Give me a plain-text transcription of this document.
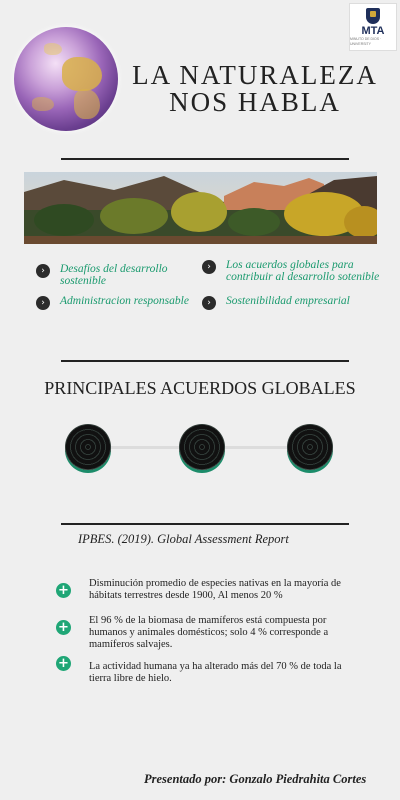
MTA
MINUTO DE DIOS · UNIVERSITY
LA NATURALEZA
NOS HABLA
›	Desafíos del desarrollo sostenible
›	Los acuerdos globales para contribuir al desarrollo sotenible
›	Administracion responsable	›	Sostenibilidad empresarial
PRINCIPALES ACUERDOS GLOBALES
IPBES. (2019). Global Assessment Report
+ Disminución promedio de especies nativas en la mayoría de hábitats terrestres desde 1900, Al menos 20 %
+ El 96 % de la biomasa de mamíferos está compuesta por humanos y animales domésticos; solo 4 % corresponde a mamíferos salvajes.
+ La actividad humana ya ha alterado más del 70 % de toda la tierra libre de hielo.
Presentado por: Gonzalo Piedrahita Cortes
